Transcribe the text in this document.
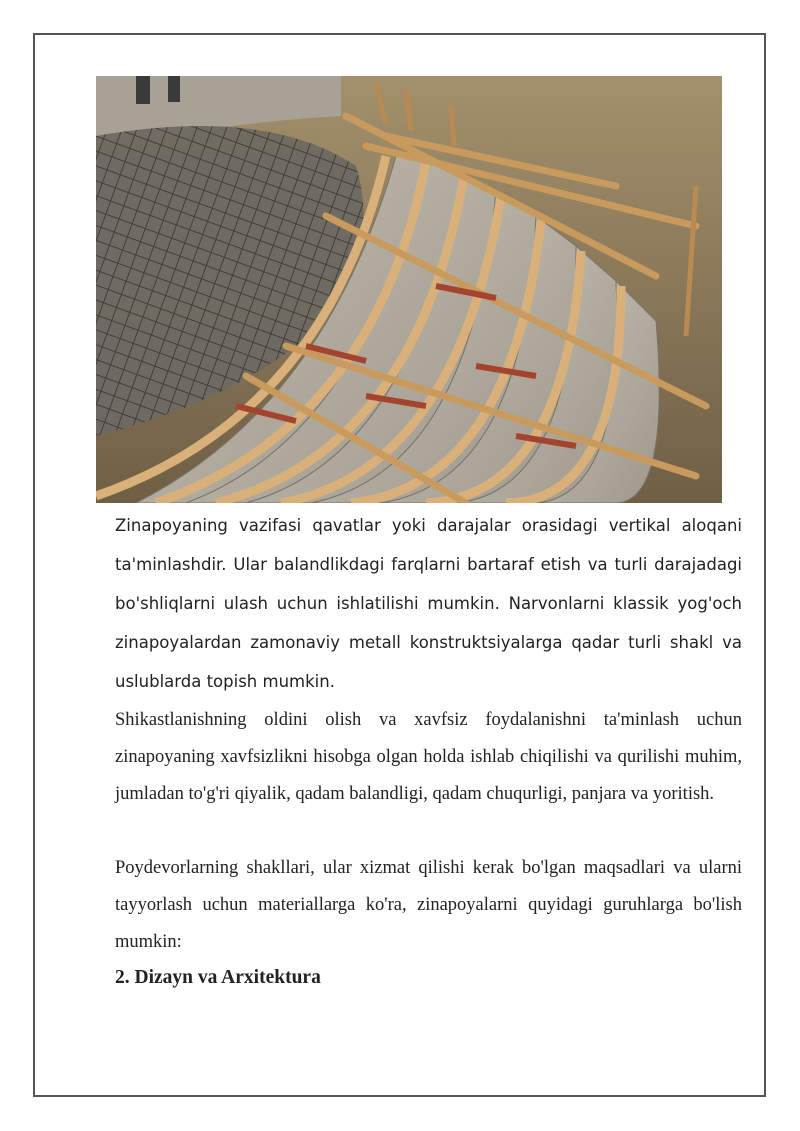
Zinapoyaning vazifasi qavatlar yoki darajalar orasidagi vertikal aloqani ta'minlashdir. Ular balandlikdagi farqlarni bartaraf etish va turli darajadagi bo'shliqlarni ulash uchun ishlatilishi mumkin. Narvonlarni klassik yog'och zinapoyalardan zamonaviy metall konstruktsiyalarga qadar turli shakl va uslublarda topish mumkin.

Shikastlanishning oldini olish va xavfsiz foydalanishni ta'minlash uchun zinapoyaning xavfsizlikni hisobga olgan holda ishlab chiqilishi va qurilishi muhim, jumladan to'g'ri qiyalik, qadam balandligi, qadam chuqurligi, panjara va yoritish.

Poydevorlarning shakllari, ular xizmat qilishi kerak bo'lgan maqsadlari va ularni tayyorlash uchun materiallarga ko'ra, zinapoyalarni quyidagi guruhlarga bo'lish mumkin:

2. Dizayn va Arxitektura
